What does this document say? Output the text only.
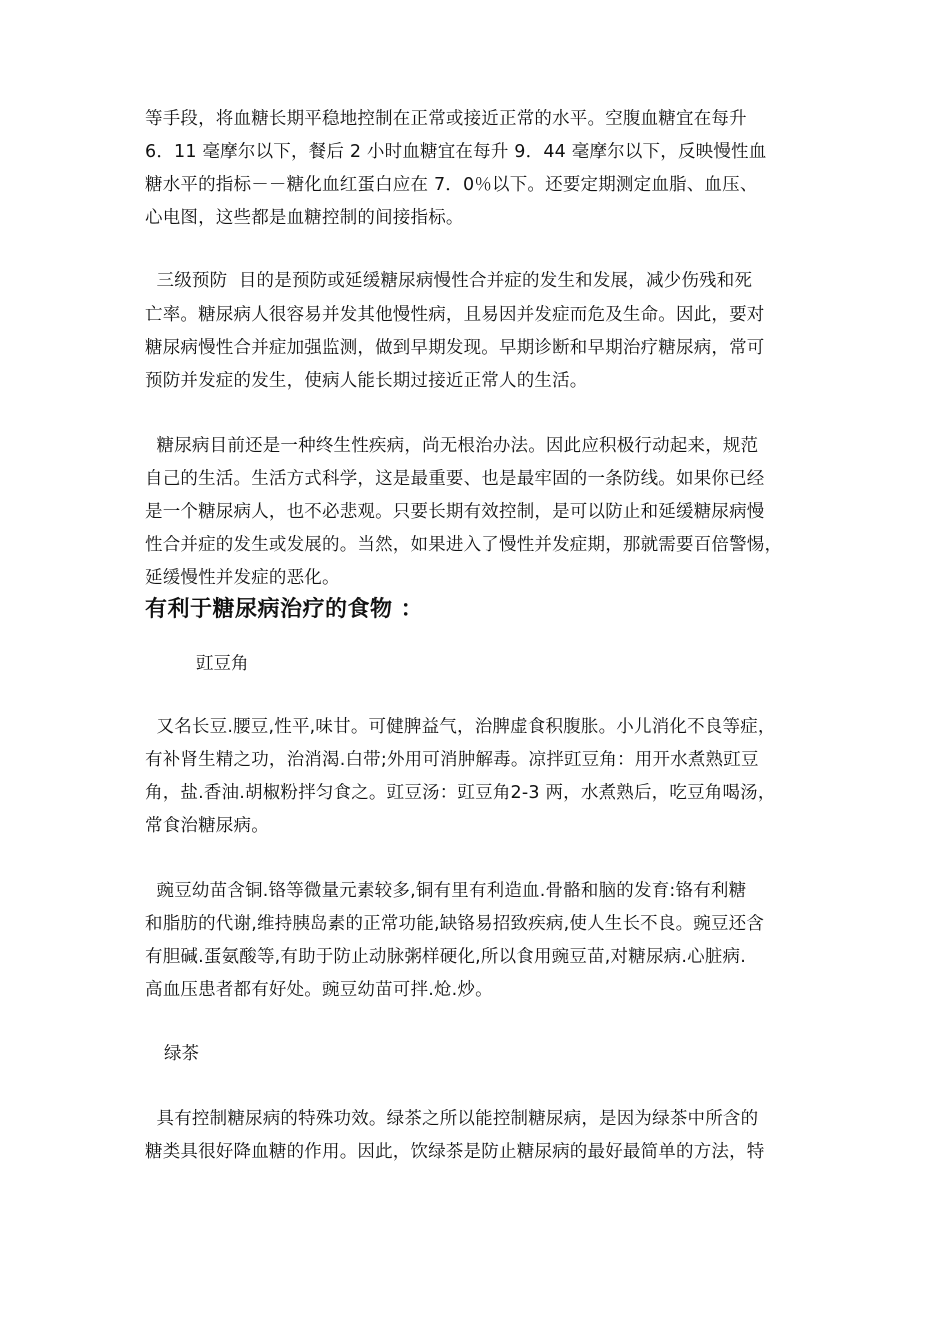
等手段，将血糖长期平稳地控制在正常或接近正常的水平。空腹血糖宜在每升
6．11 毫摩尔以下，餐后 2 小时血糖宜在每升 9．44 毫摩尔以下，反映慢性血
糖水平的指标－－糖化血红蛋白应在 7．0％以下。还要定期测定血脂、血压、
心电图，这些都是血糖控制的间接指标。
三级预防  目的是预防或延缓糖尿病慢性合并症的发生和发展，减少伤残和死
亡率。糖尿病人很容易并发其他慢性病，且易因并发症而危及生命。因此，要对
糖尿病慢性合并症加强监测，做到早期发现。早期诊断和早期治疗糖尿病，常可
预防并发症的发生，使病人能长期过接近正常人的生活。
糖尿病目前还是一种终生性疾病，尚无根治办法。因此应积极行动起来，规范
自己的生活。生活方式科学，这是最重要、也是最牢固的一条防线。如果你已经
是一个糖尿病人，也不必悲观。只要长期有效控制，是可以防止和延缓糖尿病慢
性合并症的发生或发展的。当然，如果进入了慢性并发症期，那就需要百倍警惕，
延缓慢性并发症的恶化。
有利于糖尿病治疗的食物 ：
豇豆角
又名长豆.腰豆,性平,味甘。可健脾益气，治脾虚食积腹胀。小儿消化不良等症，
有补肾生精之功，治消渴.白带;外用可消肿解毒。凉拌豇豆角：用开水煮熟豇豆
角，盐.香油.胡椒粉拌匀食之。豇豆汤：豇豆角2-3 两，水煮熟后，吃豆角喝汤，
常食治糖尿病。
豌豆幼苗含铜.铬等微量元素较多,铜有里有利造血.骨骼和脑的发育:铬有利糖
和脂肪的代谢,维持胰岛素的正常功能,缺铬易招致疾病,使人生长不良。豌豆还含
有胆碱.蛋氨酸等,有助于防止动脉粥样硬化,所以食用豌豆苗,对糖尿病.心脏病.
高血压患者都有好处。豌豆幼苗可拌.炝.炒。
绿茶
具有控制糖尿病的特殊功效。绿茶之所以能控制糖尿病，是因为绿茶中所含的
糖类具很好降血糖的作用。因此，饮绿茶是防止糖尿病的最好最简单的方法，特
